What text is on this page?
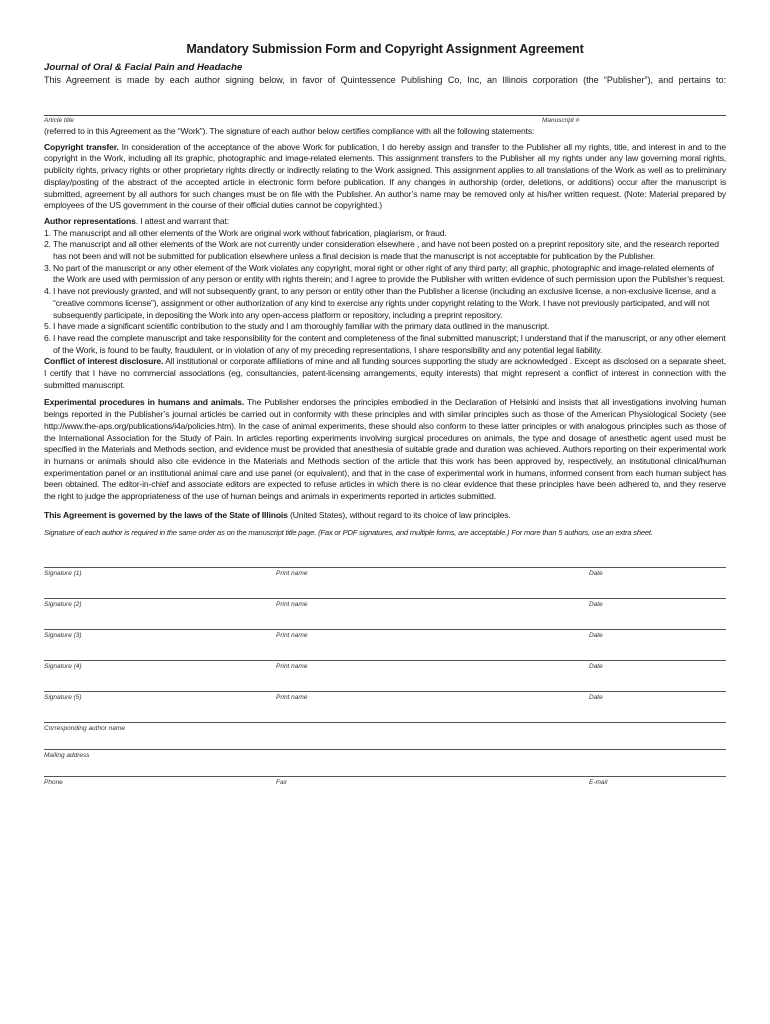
Mandatory Submission Form and Copyright Assignment Agreement
Journal of Oral & Facial Pain and Headache

This Agreement is made by each author signing below, in favor of Quintessence Publishing Co, Inc, an Illinois corporation (the “Publisher”), and pertains to:

Article title	Manuscript #

(referred to in this Agreement as the “Work”). The signature of each author below certifies compliance with all the following statements:

Copyright transfer. In consideration of the acceptance of the above Work for publication, I do hereby assign and transfer to the Publisher all my rights, title, and interest in and to the copyright in the Work, including all its graphic, photographic and image-related elements. This assignment transfers to the Publisher all my rights under any law governing moral rights, publicity rights, privacy rights or other proprietary rights directly or indirectly relating to the Work assigned. This assignment applies to all translations of the Work as well as to preliminary display/posting of the abstract of the accepted article in electronic form before publication. If any changes in authorship (order, deletions, or additions) occur after the manuscript is submitted, agreement by all authors for such changes must be on file with the Publisher. An author’s name may be removed only at his/her written request. (Note: Material prepared by employees of the US government in the course of their official duties cannot be copyrighted.)

Author representations. I attest and warrant that:

1. The manuscript and all other elements of the Work are original work without fabrication, plagiarism, or fraud.
2. The manuscript and all other elements of the Work are not currently under consideration elsewhere , and have not been posted on a preprint repository site, and the research reported has not been and will not be submitted for publication elsewhere unless a final decision is made that the manuscript is not acceptable for publication by the Publisher.
3. No part of the manuscript or any other element of the Work violates any copyright, moral right or other right of any third party; all graphic, photographic and image-related elements of the Work are used with permission of any person or entity with rights therein; and I agree to provide the Publisher with written evidence of such permission upon the Publisher’s request.
4. I have not previously granted, and will not subsequently grant, to any person or entity other than the Publisher a license (including an exclusive license, a non-exclusive license, and a “creative commons license”), assignment or other authorization of any kind to exercise any rights under copyright relating to the Work. I have not previously participated, and will not subsequently participate, in depositing the Work into any open-access platform or repository, including a preprint repository.
5. I have made a significant scientific contribution to the study and I am thoroughly familiar with the primary data outlined in the manuscript.
6. I have read the complete manuscript and take responsibility for the content and completeness of the final submitted manuscript; I understand that if the manuscript, or any other element of the Work, is found to be faulty, fraudulent, or in violation of any of my preceding representations, I share responsibility and any potential legal liability.

Conflict of interest disclosure. All institutional or corporate affiliations of mine and all funding sources supporting the study are acknowledged . Except as disclosed on a separate sheet, I certify that I have no commercial associations (eg, consultancies, patent-licensing arrangements, equity interests) that might represent a conflict of interest in connection with the submitted manuscript.

Experimental procedures in humans and animals. The Publisher endorses the principles embodied in the Declaration of Helsinki and insists that all investigations involving human beings reported in the Publisher’s journal articles be carried out in conformity with these principles and with similar principles such as those of the American Physiological Society (see http://www.the-aps.org/publications/i4a/policies.htm). In the case of animal experiments, these should also conform to these latter principles or with analogous principles such as those of the International Association for the Study of Pain. In articles reporting experiments involving surgical procedures on animals, the type and dosage of anesthetic agent used must be specified in the Materials and Methods section, and evidence must be provided that anesthesia of suitable grade and duration was achieved. Authors reporting on their experimental work in humans or animals should also cite evidence in the Materials and Methods section of the article that this work has been approved by, respectively, an institutional clinical/human experimentation panel or an institutional animal care and use panel (or equivalent), and that in the case of experimental work in humans, informed consent from each human subject has been obtained. The editor-in-chief and associate editors are expected to refuse articles in which there is no clear evidence that these principles have been adhered to, and they reserve the right to judge the appropriateness of the use of human beings and animals in experiments reported in articles submitted.

This Agreement is governed by the laws of the State of Illinois (United States), without regard to its choice of law principles.

Signature of each author is required in the same order as on the manuscript title page. (Fax or PDF signatures, and multiple forms, are acceptable.) For more than 5 authors, use an extra sheet.

Signature (1)	Print name	Date
Signature (2)	Print name	Date
Signature (3)	Print name	Date
Signature (4)	Print name	Date
Signature (5)	Print name	Date
Corresponding author name
Mailing address
Phone	Fax	E-mail
